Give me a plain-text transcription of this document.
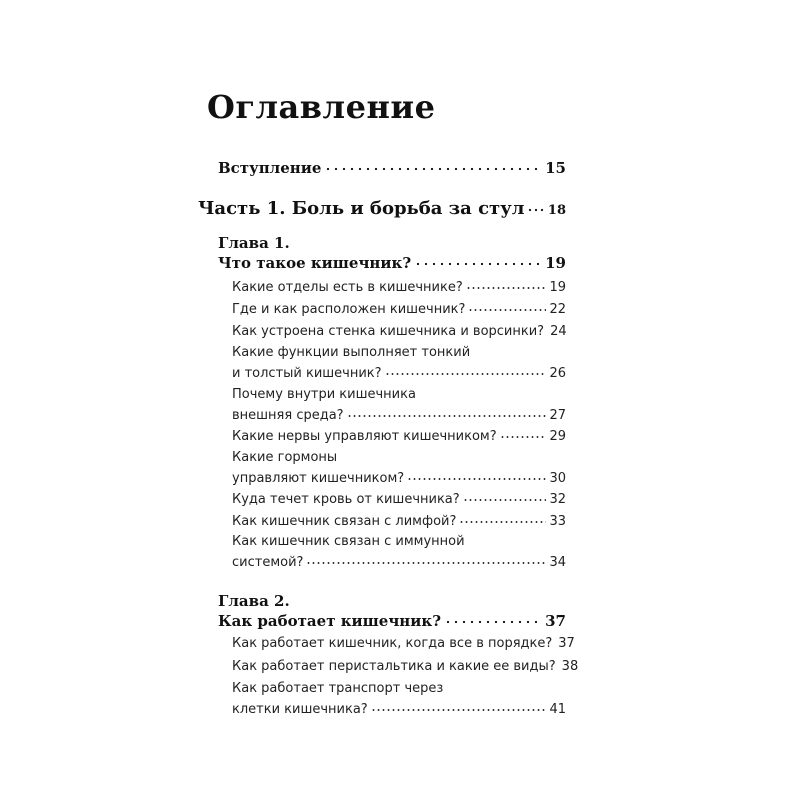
Оглавление
Вступление	15
Часть 1. Боль и борьба за стул 18
Глава 1.
Что такое кишечник?	19
Какие отделы есть в кишечнике?	19
Где и как расположен кишечник?	22
Как устроена стенка кишечника и ворсинки? 24
Какие функции выполняет тонкий
и толстый кишечник?	26
Почему внутри кишечника
внешняя среда?	27
Какие нервы управляют кишечником?	29
Какие гормоны
управляют кишечником?	30
Куда течет кровь от кишечника?	32
Как кишечник связан с лимфой?	33
Как кишечник связан с иммунной
системой?	34
Глава 2.
Как работает кишечник?	37
Как работает кишечник, когда все в порядке? 37
Как работает перистальтика и какие ее виды? 38
Как работает транспорт через
клетки кишечника?	41
